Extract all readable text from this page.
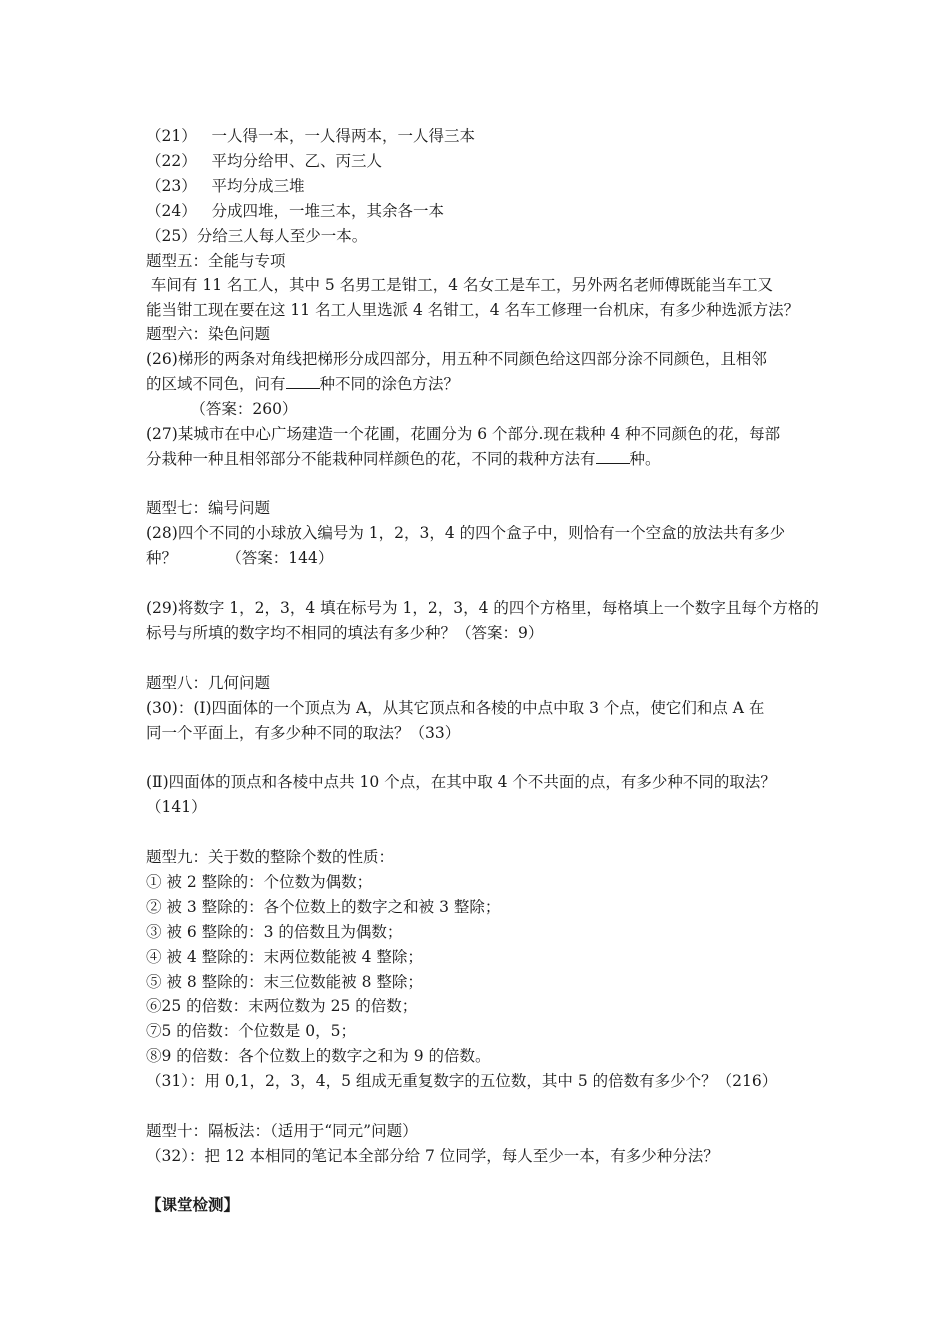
（21）   一人得一本，一人得两本，一人得三本
（22）   平均分给甲、乙、丙三人
（23）   平均分成三堆
（24）   分成四堆，一堆三本，其余各一本
（25）分给三人每人至少一本。
题型五：全能与专项
车间有 11 名工人，其中 5 名男工是钳工，4 名女工是车工，另外两名老师傅既能当车工又
能当钳工现在要在这 11 名工人里选派 4 名钳工，4 名车工修理一台机床，有多少种选派方法？
题型六：染色问题
(26)梯形的两条对角线把梯形分成四部分，用五种不同颜色给这四部分涂不同颜色，且相邻
的区域不同色，问有 种不同的涂色方法？
（答案：260）
(27)某城市在中心广场建造一个花圃，花圃分为 6 个部分.现在栽种 4 种不同颜色的花，每部
分栽种一种且相邻部分不能栽种同样颜色的花，不同的栽种方法有 种。
题型七：编号问题
(28)四个不同的小球放入编号为 1，2，3，4 的四个盒子中，则恰有一个空盒的放法共有多少
种？          （答案：144）
(29)将数字 1，2，3，4 填在标号为 1，2，3，4 的四个方格里，每格填上一个数字且每个方格的
标号与所填的数字均不相同的填法有多少种？（答案：9）
题型八：几何问题
(30)：(Ⅰ)四面体的一个顶点为 A，从其它顶点和各棱的中点中取 3 个点，使它们和点 A 在
同一个平面上，有多少种不同的取法？（33）
(Ⅱ)四面体的顶点和各棱中点共 10 个点，在其中取 4 个不共面的点，有多少种不同的取法？
（141）
题型九：关于数的整除个数的性质：
① 被 2 整除的：个位数为偶数；
② 被 3 整除的：各个位数上的数字之和被 3 整除；
③ 被 6 整除的：3 的倍数且为偶数；
④ 被 4 整除的：末两位数能被 4 整除；
⑤ 被 8 整除的：末三位数能被 8 整除；
⑥25 的倍数：末两位数为 25 的倍数；
⑦5 的倍数：个位数是 0，5；
⑧9 的倍数：各个位数上的数字之和为 9 的倍数。
（31）：用 0,1，2，3，4，5 组成无重复数字的五位数，其中 5 的倍数有多少个？（216）
题型十：隔板法：（适用于“同元”问题）
（32）：把 12 本相同的笔记本全部分给 7 位同学，每人至少一本，有多少种分法？
【课堂检测】
